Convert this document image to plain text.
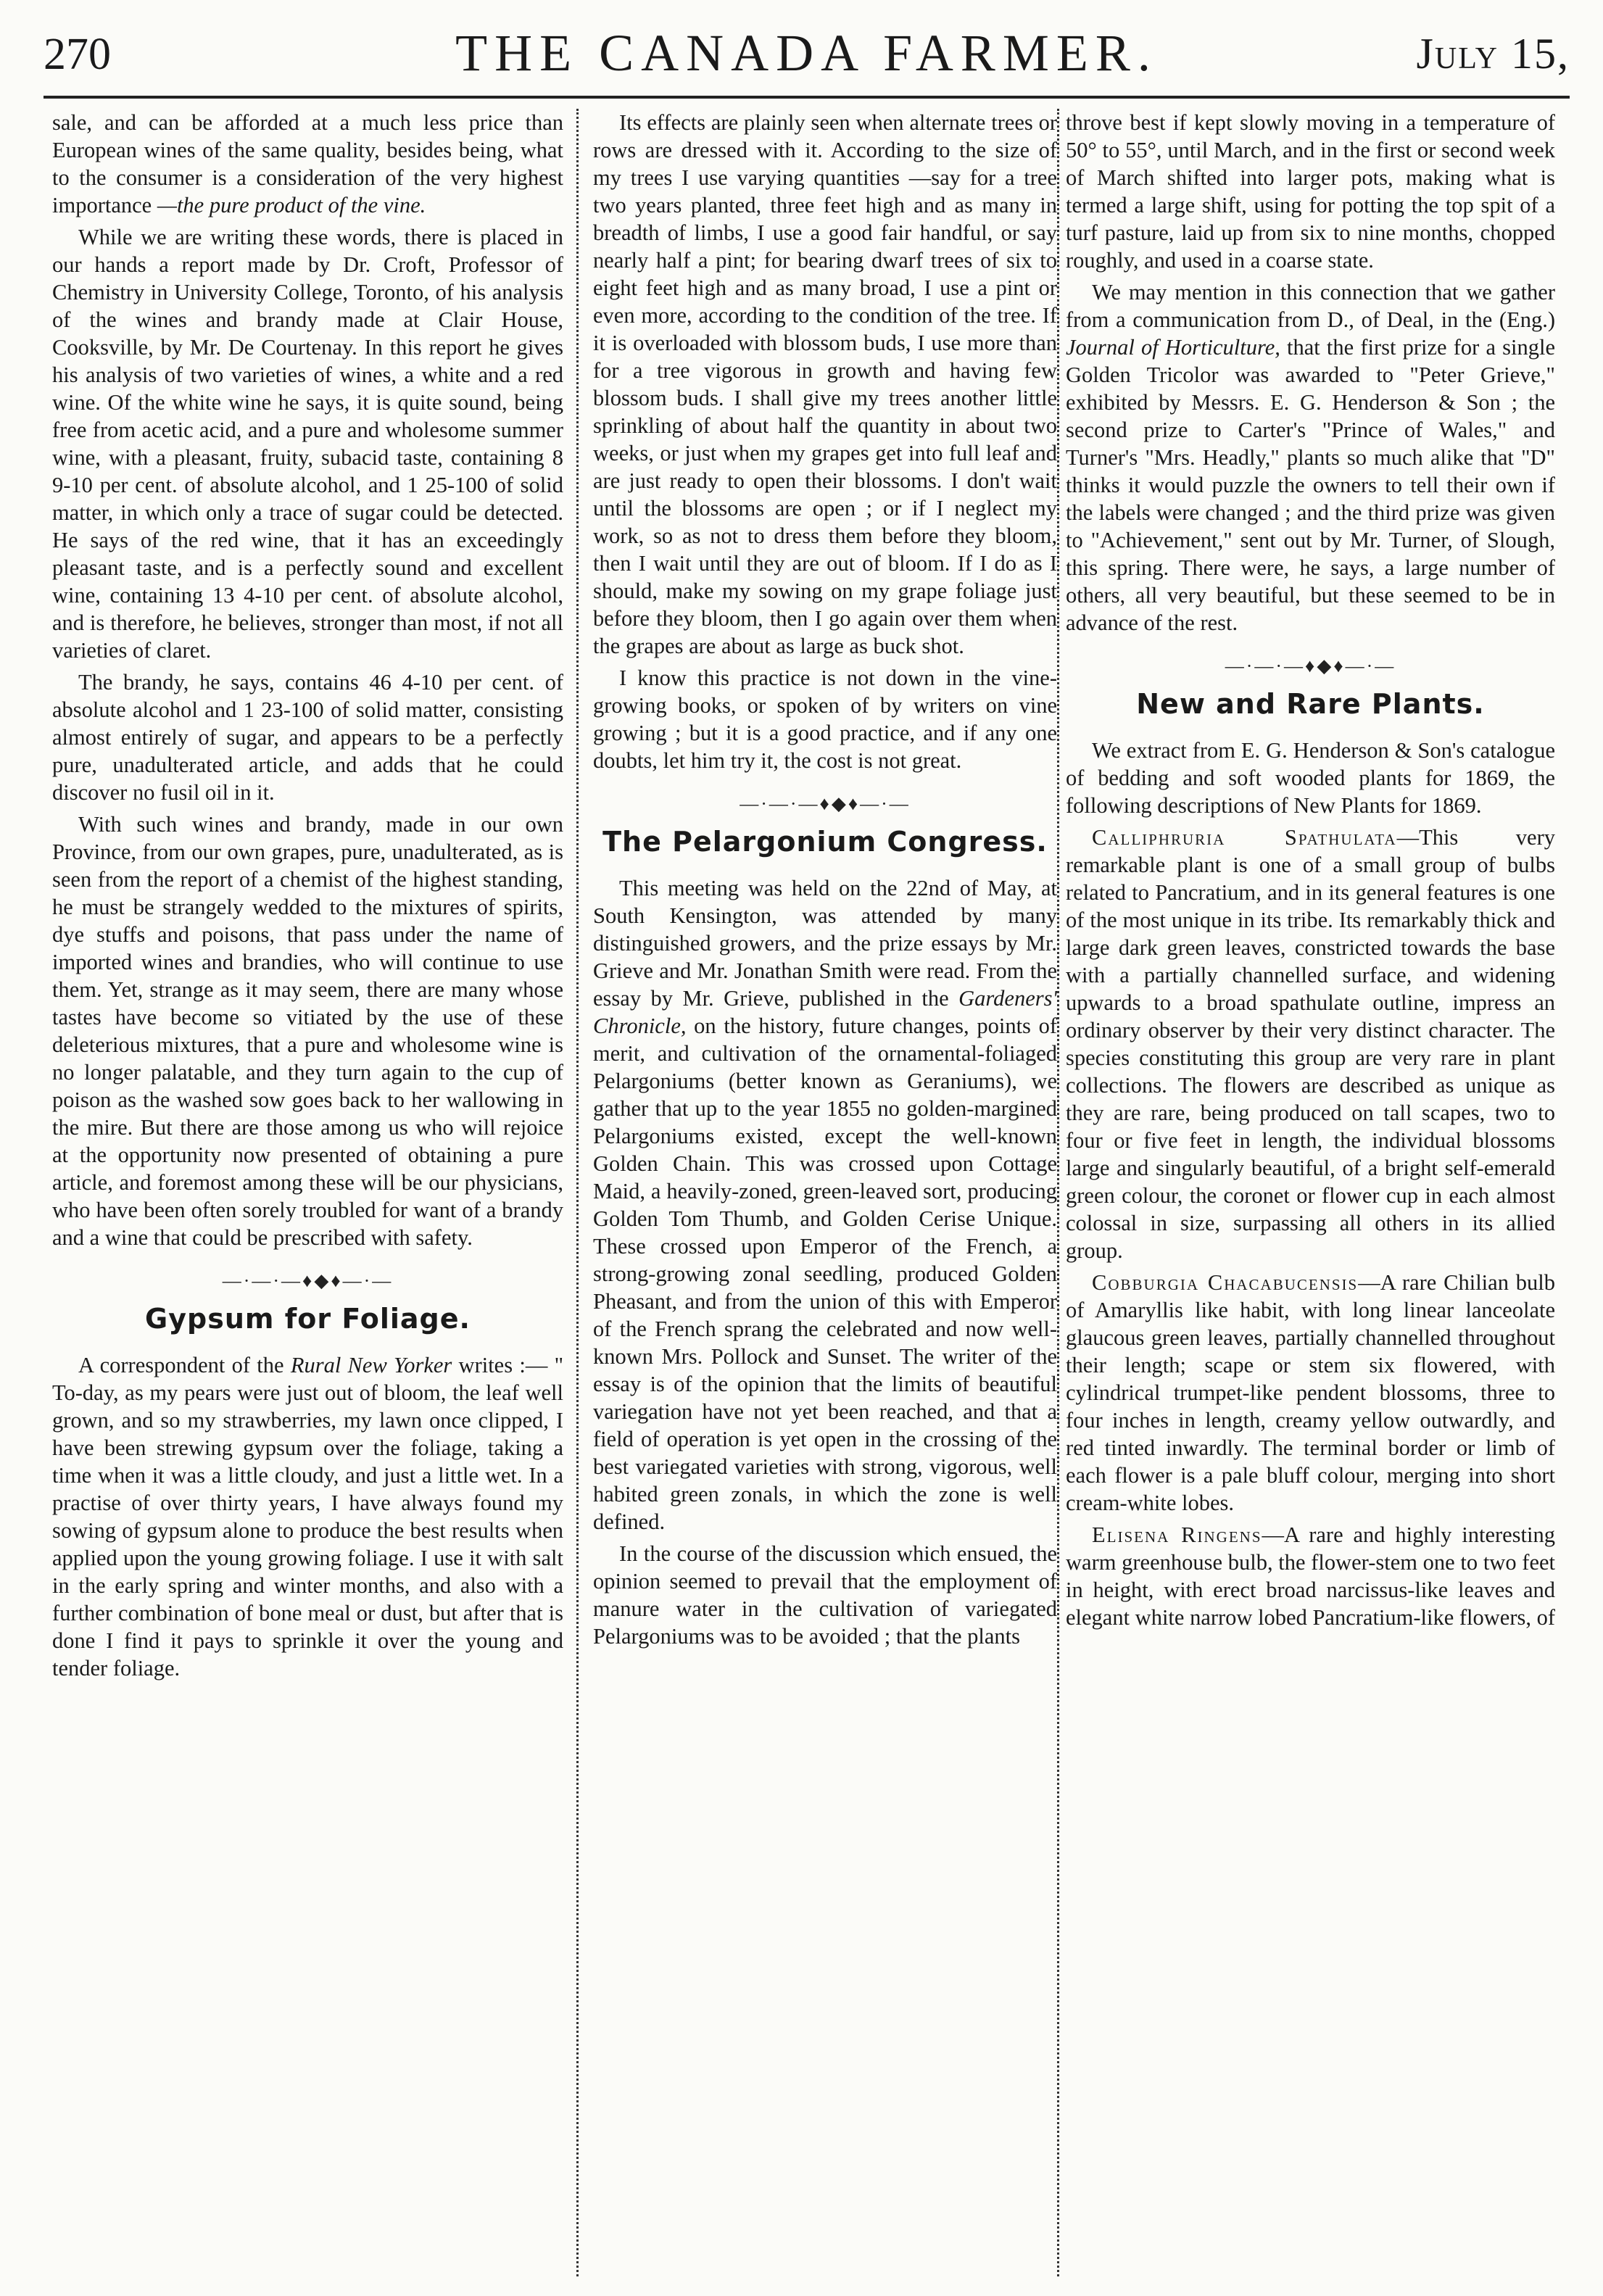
270	THE CANADA FARMER.	July 15,

sale, and can be afforded at a much less price than European wines of the same quality, besides being, what to the consumer is a consideration of the very highest importance —the pure product of the vine.

While we are writing these words, there is placed in our hands a report made by Dr. Croft, Professor of Chemistry in University College, Toronto, of his analysis of the wines and brandy made at Clair House, Cooksville, by Mr. De Courtenay. In this report he gives his analysis of two varieties of wines, a white and a red wine. Of the white wine he says, it is quite sound, being free from acetic acid, and a pure and wholesome summer wine, with a pleasant, fruity, subacid taste, containing 8 9-10 per cent. of absolute alcohol, and 1 25-100 of solid matter, in which only a trace of sugar could be detected. He says of the red wine, that it has an exceedingly pleasant taste, and is a perfectly sound and excellent wine, containing 13 4-10 per cent. of absolute alcohol, and is therefore, he believes, stronger than most, if not all varieties of claret.

The brandy, he says, contains 46 4-10 per cent. of absolute alcohol and 1 23-100 of solid matter, consisting almost entirely of sugar, and appears to be a perfectly pure, unadulterated article, and adds that he could discover no fusil oil in it.

With such wines and brandy, made in our own Province, from our own grapes, pure, unadulterated, as is seen from the report of a chemist of the highest standing, he must be strangely wedded to the mixtures of spirits, dye stuffs and poisons, that pass under the name of imported wines and brandies, who will continue to use them. Yet, strange as it may seem, there are many whose tastes have become so vitiated by the use of these deleterious mixtures, that a pure and wholesome wine is no longer palatable, and they turn again to the cup of poison as the washed sow goes back to her wallowing in the mire. But there are those among us who will rejoice at the opportunity now presented of obtaining a pure article, and foremost among these will be our physicians, who have been often sorely troubled for want of a brandy and a wine that could be prescribed with safety.

—·—·—♦◆♦—·—
Gypsum for Foliage.

A correspondent of the Rural New Yorker writes :— " To-day, as my pears were just out of bloom, the leaf well grown, and so my strawberries, my lawn once clipped, I have been strewing gypsum over the foliage, taking a time when it was a little cloudy, and just a little wet. In a practise of over thirty years, I have always found my sowing of gypsum alone to produce the best results when applied upon the young growing foliage. I use it with salt in the early spring and winter months, and also with a further combination of bone meal or dust, but after that is done I find it pays to sprinkle it over the young and tender foliage.

Its effects are plainly seen when alternate trees or rows are dressed with it. According to the size of my trees I use varying quantities —say for a tree two years planted, three feet high and as many in breadth of limbs, I use a good fair handful, or say nearly half a pint; for bearing dwarf trees of six to eight feet high and as many broad, I use a pint or even more, according to the condition of the tree. If it is overloaded with blossom buds, I use more than for a tree vigorous in growth and having few blossom buds. I shall give my trees another little sprinkling of about half the quantity in about two weeks, or just when my grapes get into full leaf and are just ready to open their blossoms. I don't wait until the blossoms are open ; or if I neglect my work, so as not to dress them before they bloom, then I wait until they are out of bloom. If I do as I should, make my sowing on my grape foliage just before they bloom, then I go again over them when the grapes are about as large as buck shot.

I know this practice is not down in the vine-growing books, or spoken of by writers on vine growing ; but it is a good practice, and if any one doubts, let him try it, the cost is not great.

—·—·—♦◆♦—·—
The Pelargonium Congress.

This meeting was held on the 22nd of May, at South Kensington, was attended by many distinguished growers, and the prize essays by Mr. Grieve and Mr. Jonathan Smith were read. From the essay by Mr. Grieve, published in the Gardeners' Chronicle, on the history, future changes, points of merit, and cultivation of the ornamental-foliaged Pelargoniums (better known as Geraniums), we gather that up to the year 1855 no golden-margined Pelargoniums existed, except the well-known Golden Chain. This was crossed upon Cottage Maid, a heavily-zoned, green-leaved sort, producing Golden Tom Thumb, and Golden Cerise Unique. These crossed upon Emperor of the French, a strong-growing zonal seedling, produced Golden Pheasant, and from the union of this with Emperor of the French sprang the celebrated and now well-known Mrs. Pollock and Sunset. The writer of the essay is of the opinion that the limits of beautiful variegation have not yet been reached, and that a field of operation is yet open in the crossing of the best variegated varieties with strong, vigorous, well habited green zonals, in which the zone is well defined.

In the course of the discussion which ensued, the opinion seemed to prevail that the employment of manure water in the cultivation of variegated Pelargoniums was to be avoided ; that the plants

throve best if kept slowly moving in a temperature of 50° to 55°, until March, and in the first or second week of March shifted into larger pots, making what is termed a large shift, using for potting the top spit of a turf pasture, laid up from six to nine months, chopped roughly, and used in a coarse state.

We may mention in this connection that we gather from a communication from D., of Deal, in the (Eng.) Journal of Horticulture, that the first prize for a single Golden Tricolor was awarded to "Peter Grieve," exhibited by Messrs. E. G. Henderson & Son ; the second prize to Carter's "Prince of Wales," and Turner's "Mrs. Headly," plants so much alike that "D" thinks it would puzzle the owners to tell their own if the labels were changed ; and the third prize was given to "Achievement," sent out by Mr. Turner, of Slough, this spring. There were, he says, a large number of others, all very beautiful, but these seemed to be in advance of the rest.

—·—·—♦◆♦—·—
New and Rare Plants.

We extract from E. G. Henderson & Son's catalogue of bedding and soft wooded plants for 1869, the following descriptions of New Plants for 1869.

Calliphruria Spathulata—This very remarkable plant is one of a small group of bulbs related to Pancratium, and in its general features is one of the most unique in its tribe. Its remarkably thick and large dark green leaves, constricted towards the base with a partially channelled surface, and widening upwards to a broad spathulate outline, impress an ordinary observer by their very distinct character. The species constituting this group are very rare in plant collections. The flowers are described as unique as they are rare, being produced on tall scapes, two to four or five feet in length, the individual blossoms large and singularly beautiful, of a bright self-emerald green colour, the coronet or flower cup in each almost colossal in size, surpassing all others in its allied group.

Cobburgia Chacabucensis—A rare Chilian bulb of Amaryllis like habit, with long linear lanceolate glaucous green leaves, partially channelled throughout their length; scape or stem six flowered, with cylindrical trumpet-like pendent blossoms, three to four inches in length, creamy yellow outwardly, and red tinted inwardly. The terminal border or limb of each flower is a pale bluff colour, merging into short cream-white lobes.

Elisena Ringens—A rare and highly interesting warm greenhouse bulb, the flower-stem one to two feet in height, with erect broad narcissus-like leaves and elegant white narrow lobed Pancratium-like flowers, of
